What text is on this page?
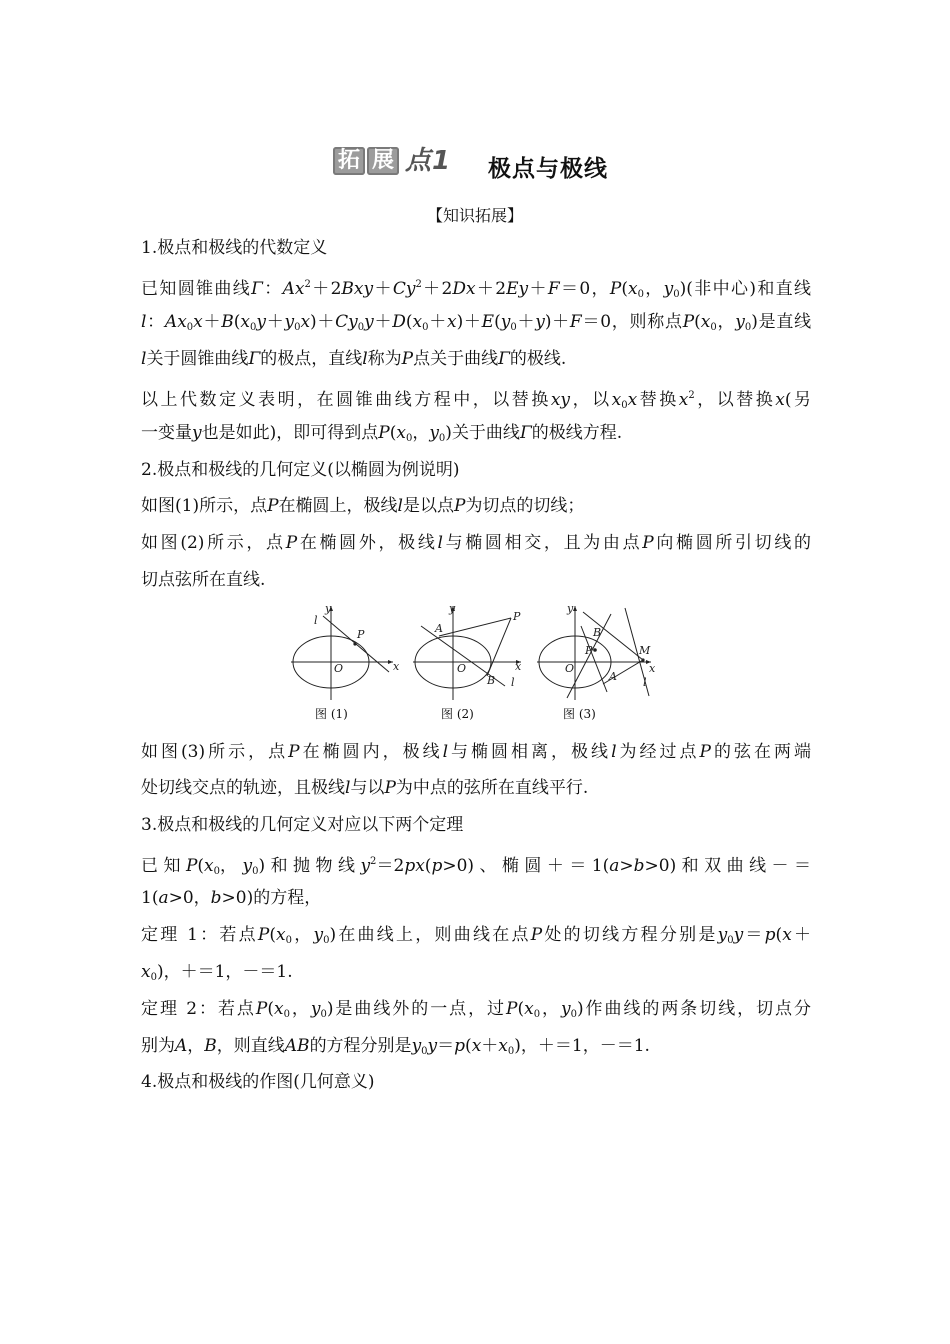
拓 展 点1 极点与极线
【知识拓展】
1.极点和极线的代数定义
已知圆锥曲线Γ：$Ax^2+2Bxy+Cy^2+2Dx+2Ey+F=0$，$P(x_0$，$y_0$)(非中心)和直线
l：$Ax_0x+B(x_0y+y_0x)+Cy_0y+D(x_0+x)+E(y_0+y)+F=0$，则称点$P(x_0$，$y_0$)是直线
l关于圆锥曲线Γ的极点，直线l称为P点关于曲线Γ的极线.
以上代数定义表明，在圆锥曲线方程中，以替换xy，以$x_0x$替换$x^2$，以替换x(另
一变量y也是如此)，即可得到点$P(x_0$，$y_0$)关于曲线Γ的极线方程.
2.极点和极线的几何定义(以椭圆为例说明)
如图(1)所示，点P在椭圆上，极线l是以点P为切点的切线；
如图(2)所示，点P在椭圆外，极线l与椭圆相交，且为由点P向椭圆所引切线的
切点弦所在直线.
y
x
O
l
P
y
x
O
l
P
A
B
y
x
O
l
P
A
B
M
图 (1)	图 (2)	图 (3)
如图(3)所示，点P在椭圆内，极线l与椭圆相离，极线l为经过点P的弦在两端
处切线交点的轨迹，且极线l与以P为中点的弦所在直线平行.
3.极点和极线的几何定义对应以下两个定理
已 知 $P(x_0$， $y_0$) 和 抛 物 线 $y^2=2px(p>0)$ 、 椭 圆 ＋ ＝ 1(a>b>0) 和 双 曲 线 － ＝
1(a>0，b>0)的方程，
定理 1：若点$P(x_0$，$y_0$)在曲线上，则曲线在点P处的切线方程分别是$y_0y=p(x+$
$x_0$)，＋＝1，－＝1.
定理 2：若点$P(x_0$，$y_0$)是曲线外的一点，过$P(x_0$，$y_0$)作曲线的两条切线，切点分
别为A，B，则直线AB的方程分别是$y_0y=p(x+x_0)$，＋＝1，－＝1.
4.极点和极线的作图(几何意义)
